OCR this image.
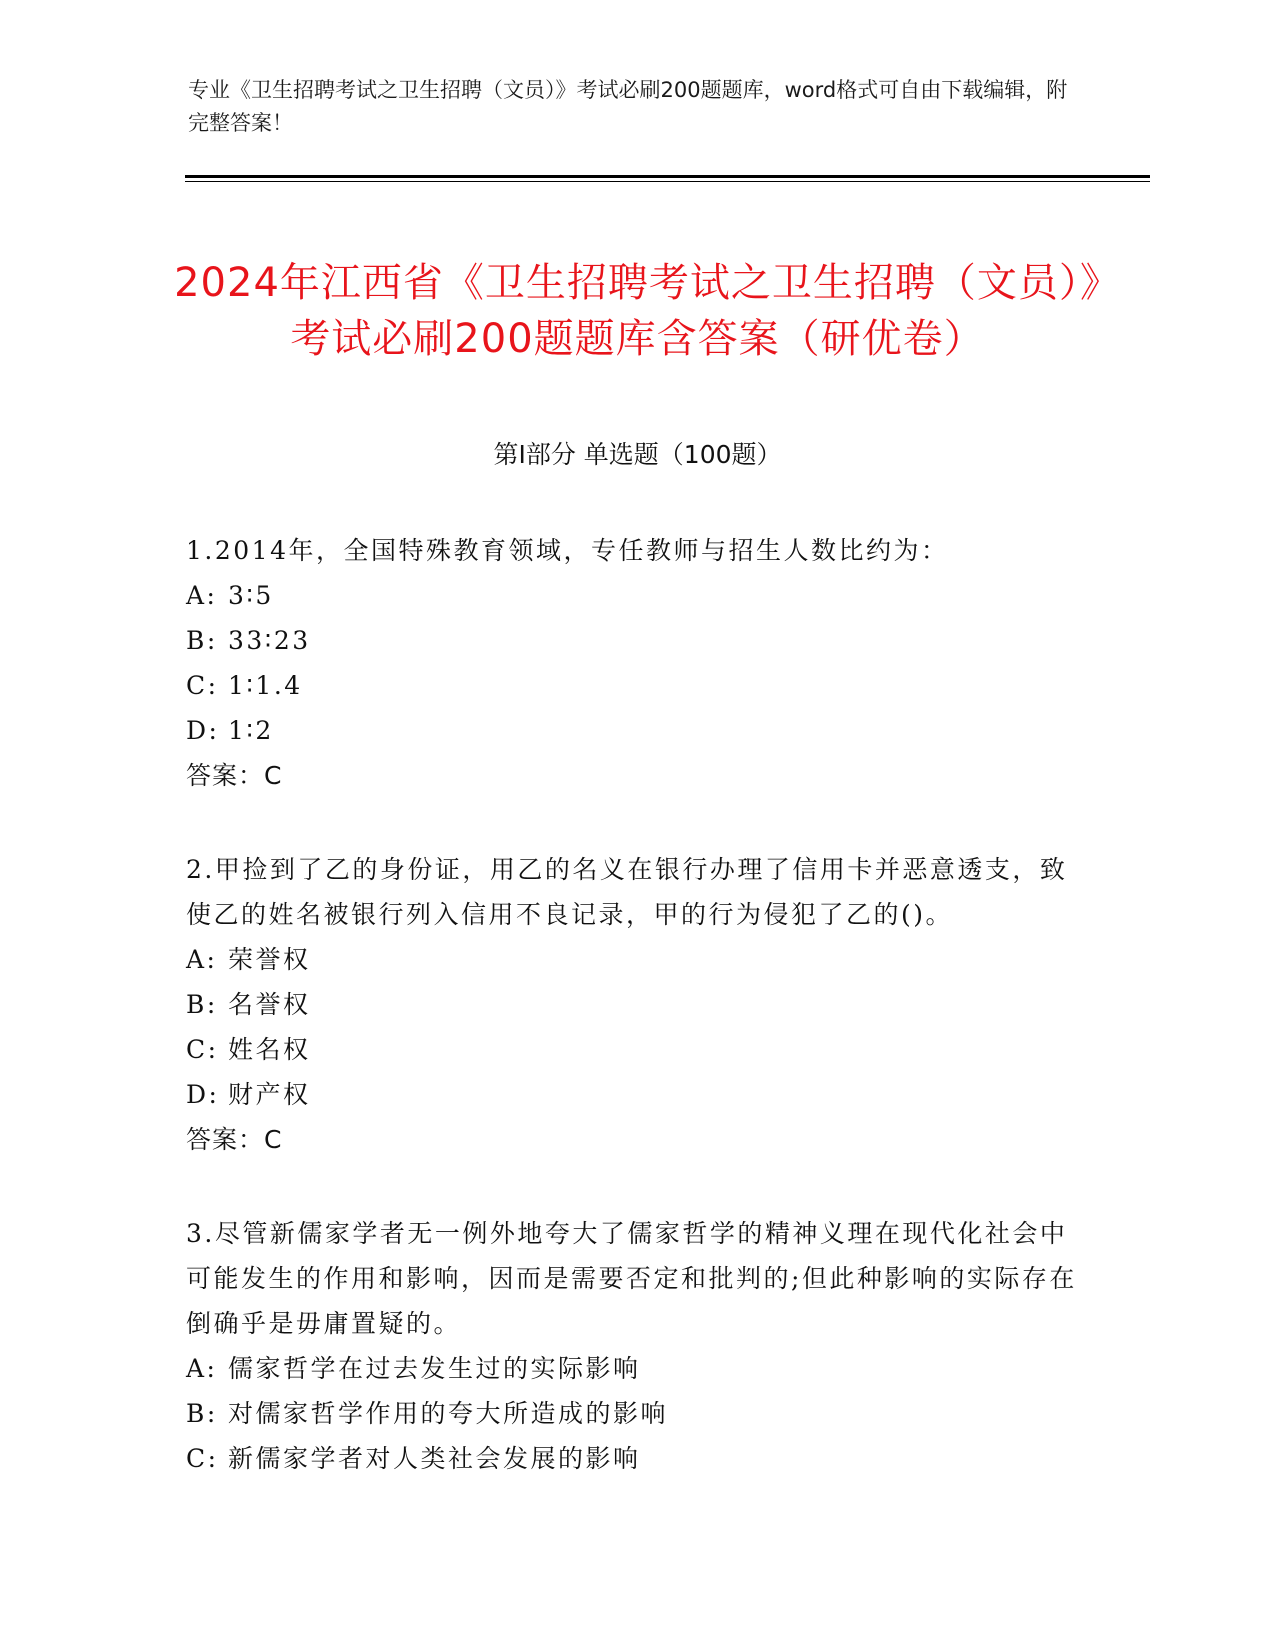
专业《卫生招聘考试之卫生招聘（文员）》考试必刷200题题库，word格式可自由下载编辑，附完整答案！
2024年江西省《卫生招聘考试之卫生招聘（文员）》考试必刷200题题库含答案（研优卷）
第Ⅰ部分 单选题（100题）
1.2014年，全国特殊教育领域，专任教师与招生人数比约为：
A: 3∶5
B: 33∶23
C: 1∶1.4
D: 1∶2
答案：C
2.甲捡到了乙的身份证，用乙的名义在银行办理了信用卡并恶意透支，致使乙的姓名被银行列入信用不良记录，甲的行为侵犯了乙的()。
A: 荣誉权
B: 名誉权
C: 姓名权
D: 财产权
答案：C
3.尽管新儒家学者无一例外地夸大了儒家哲学的精神义理在现代化社会中可能发生的作用和影响，因而是需要否定和批判的;但此种影响的实际存在倒确乎是毋庸置疑的。
A: 儒家哲学在过去发生过的实际影响
B: 对儒家哲学作用的夸大所造成的影响
C: 新儒家学者对人类社会发展的影响
